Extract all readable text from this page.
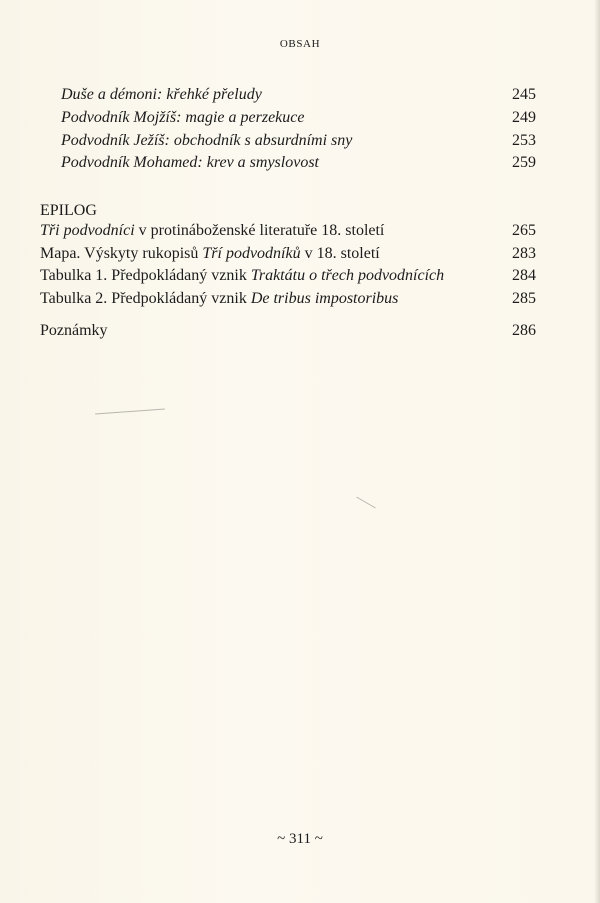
OBSAH
Duše a démoni: křehké přeludy	245
Podvodník Mojžíš: magie a perzekuce	249
Podvodník Ježíš: obchodník s absurdními sny	253
Podvodník Mohamed: krev a smyslovost	259
EPILOG
Tři podvodníci v protináboženské literatuře 18. století	265
Mapa. Výskyty rukopisů Tří podvodníků v 18. století	283
Tabulka 1. Předpokládaný vznik Traktátu o třech podvodnících	284
Tabulka 2. Předpokládaný vznik De tribus impostoribus	285
Poznámky	286
~ 311 ~
